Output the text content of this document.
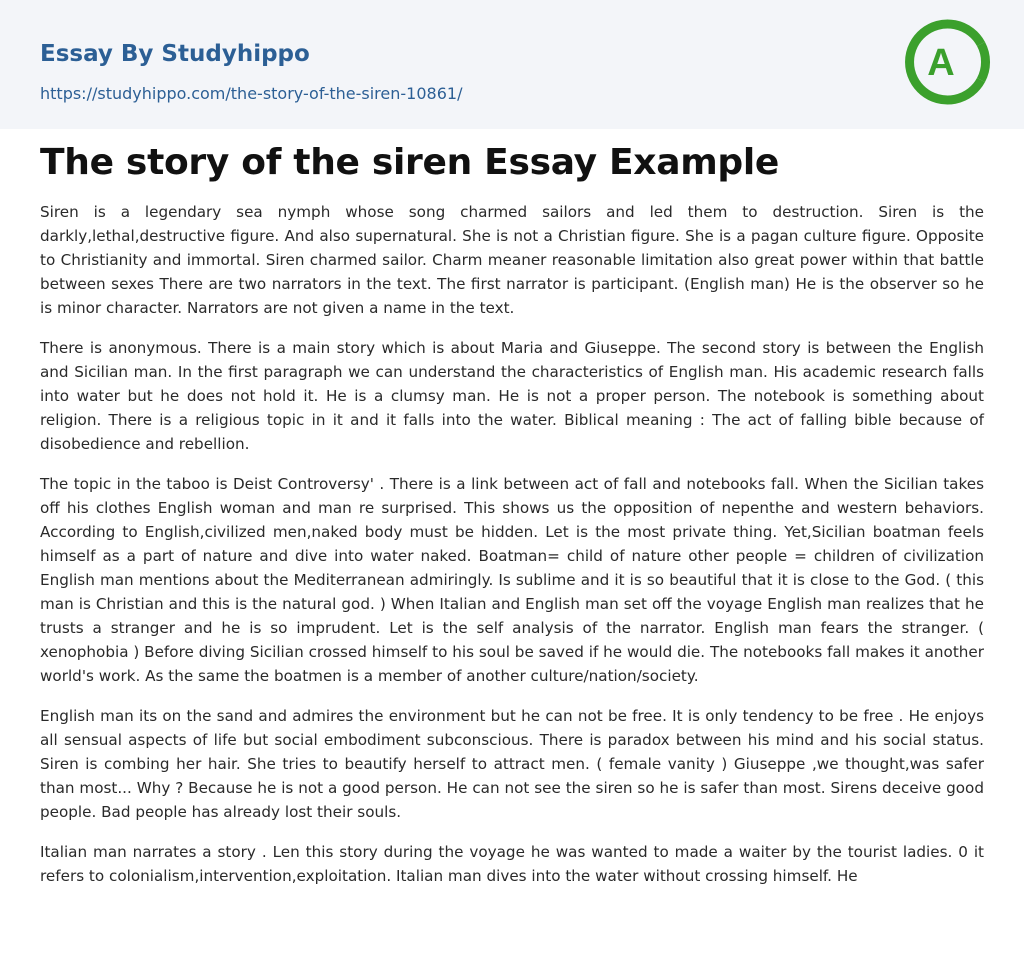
Essay By Studyhippo
https://studyhippo.com/the-story-of-the-siren-10861/
A
The story of the siren Essay Example

Siren is a legendary sea nymph whose song charmed sailors and led them to destruction. Siren is the darkly,lethal,destructive figure. And also supernatural. She is not a Christian figure. She is a pagan culture figure. Opposite to Christianity and immortal. Siren charmed sailor. Charm meaner reasonable limitation also great power within that battle between sexes There are two narrators in the text. The first narrator is participant. (English man) He is the observer so he is minor character. Narrators are not given a name in the text.

There is anonymous. There is a main story which is about Maria and Giuseppe. The second story is between the English and Sicilian man. In the first paragraph we can understand the characteristics of English man. His academic research falls into water but he does not hold it. He is a clumsy man. He is not a proper person. The notebook is something about religion. There is a religious topic in it and it falls into the water. Biblical meaning : The act of falling bible because of disobedience and rebellion.

The topic in the taboo is Deist Controversy' . There is a link between act of fall and notebooks fall. When the Sicilian takes off his clothes English woman and man re surprised. This shows us the opposition of nepenthe and western behaviors. According to English,civilized men,naked body must be hidden. Let is the most private thing. Yet,Sicilian boatman feels himself as a part of nature and dive into water naked. Boatman= child of nature other people = children of civilization English man mentions about the Mediterranean admiringly. Is sublime and it is so beautiful that it is close to the God. ( this man is Christian and this is the natural god. ) When Italian and English man set off the voyage English man realizes that he trusts a stranger and he is so imprudent. Let is the self analysis of the narrator. English man fears the stranger. ( xenophobia ) Before diving Sicilian crossed himself to his soul be saved if he would die. The notebooks fall makes it another world's work. As the same the boatmen is a member of another culture/nation/society.

English man its on the sand and admires the environment but he can not be free. It is only tendency to be free . He enjoys all sensual aspects of life but social embodiment subconscious. There is paradox between his mind and his social status. Siren is combing her hair. She tries to beautify herself to attract men. ( female vanity ) Giuseppe ,we thought,was safer than most... Why ? Because he is not a good person. He can not see the siren so he is safer than most. Sirens deceive good people. Bad people has already lost their souls.

Italian man narrates a story . Len this story during the voyage he was wanted to made a waiter by the tourist ladies. 0 it refers to colonialism,intervention,exploitation. Italian man dives into the water without crossing himself. He
